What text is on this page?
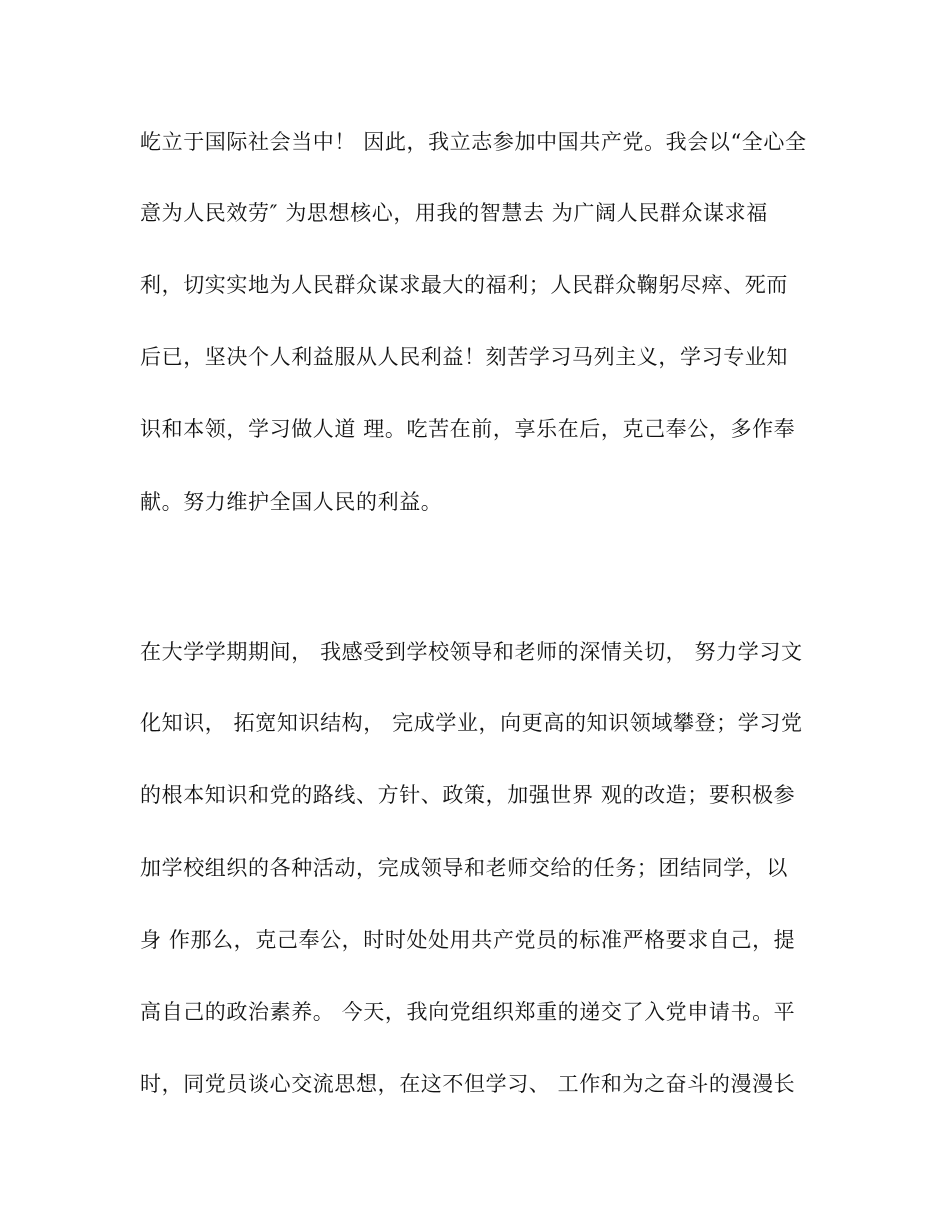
屹立于国际社会当中！ 因此，我立志参加中国共产党。我会以“全心全
意为人民效劳″ 为思想核心，用我的智慧去 为广阔人民群众谋求福
利，切实实地为人民群众谋求最大的福利；人民群众鞠躬尽瘁、死而
后已，坚决个人利益服从人民利益！刻苦学习马列主义，学习专业知
识和本领，学习做人道 理。吃苦在前，享乐在后，克己奉公，多作奉
献。努力维护全国人民的利益。
在大学学期期间， 我感受到学校领导和老师的深情关切， 努力学习文
化知识， 拓宽知识结构， 完成学业，向更高的知识领域攀登；学习党
的根本知识和党的路线、方针、政策，加强世界 观的改造；要积极参
加学校组织的各种活动，完成领导和老师交给的任务；团结同学，以
身 作那么，克己奉公，时时处处用共产党员的标准严格要求自己，提
高自己的政治素养。 今天，我向党组织郑重的递交了入党申请书。平
时，同党员谈心交流思想，在这不但学习、 工作和为之奋斗的漫漫长
